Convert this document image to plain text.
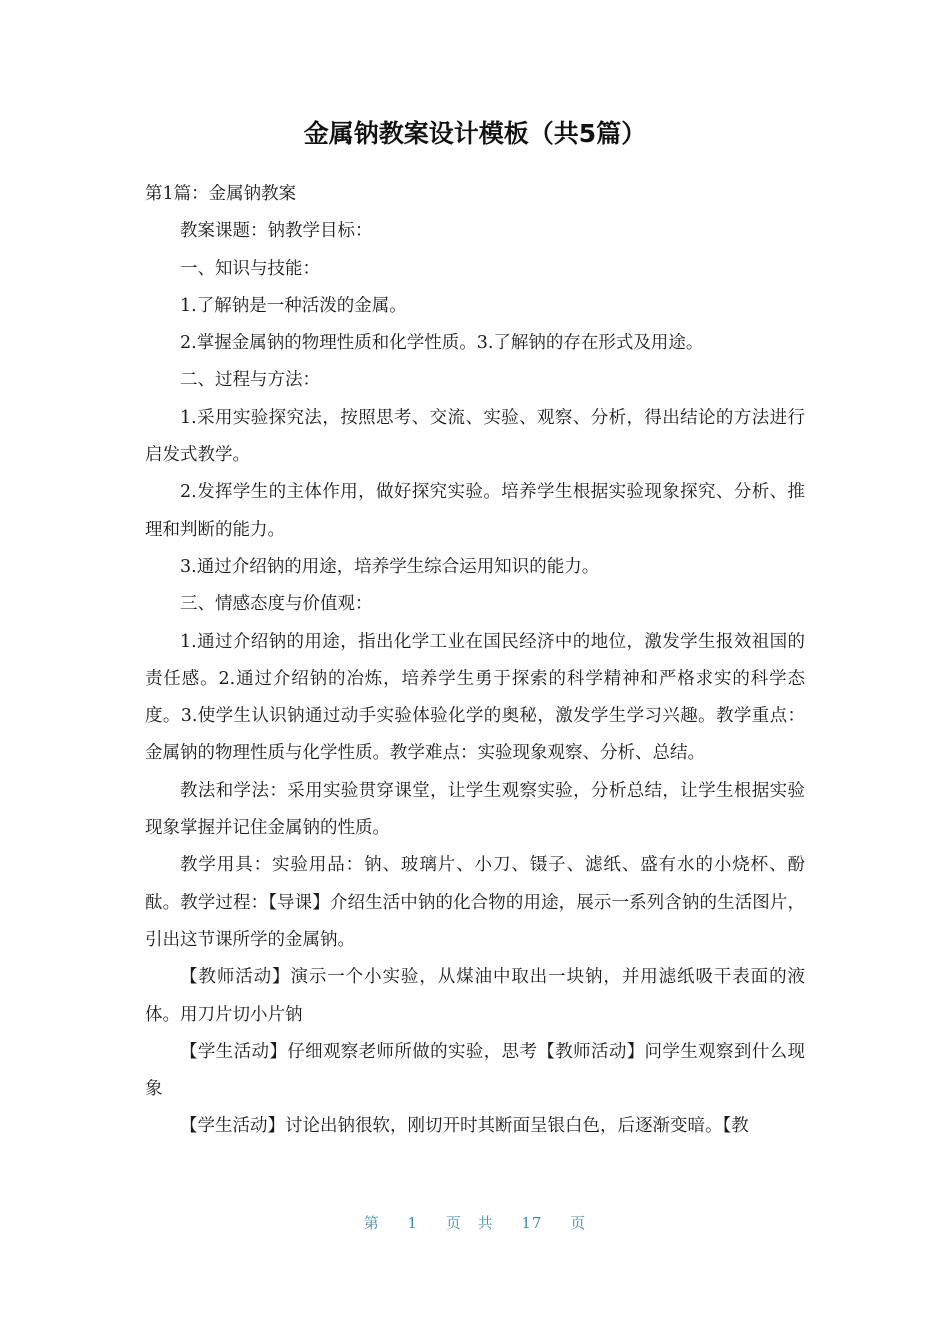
金属钠教案设计模板（共5篇）

第1篇：金属钠教案

教案课题：钠教学目标：

一、知识与技能：

1.了解钠是一种活泼的金属。

2.掌握金属钠的物理性质和化学性质。3.了解钠的存在形式及用途。

二、过程与方法：

1.采用实验探究法，按照思考、交流、实验、观察、分析，得出结论的方法进行启发式教学。

2.发挥学生的主体作用，做好探究实验。培养学生根据实验现象探究、分析、推理和判断的能力。

3.通过介绍钠的用途，培养学生综合运用知识的能力。

三、情感态度与价值观：

1.通过介绍钠的用途，指出化学工业在国民经济中的地位，激发学生报效祖国的责任感。2.通过介绍钠的冶炼，培养学生勇于探索的科学精神和严格求实的科学态度。3.使学生认识钠通过动手实验体验化学的奥秘，激发学生学习兴趣。教学重点：金属钠的物理性质与化学性质。教学难点：实验现象观察、分析、总结。

教法和学法：采用实验贯穿课堂，让学生观察实验，分析总结，让学生根据实验现象掌握并记住金属钠的性质。

教学用具：实验用品：钠、玻璃片、小刀、镊子、滤纸、盛有水的小烧杯、酚酞。教学过程：【导课】介绍生活中钠的化合物的用途，展示一系列含钠的生活图片，引出这节课所学的金属钠。

【教师活动】演示一个小实验，从煤油中取出一块钠，并用滤纸吸干表面的液体。用刀片切小片钠

【学生活动】仔细观察老师所做的实验，思考【教师活动】问学生观察到什么现象

【学生活动】讨论出钠很软，刚切开时其断面呈银白色，后逐渐变暗。【教

第 1 页 共 17 页
